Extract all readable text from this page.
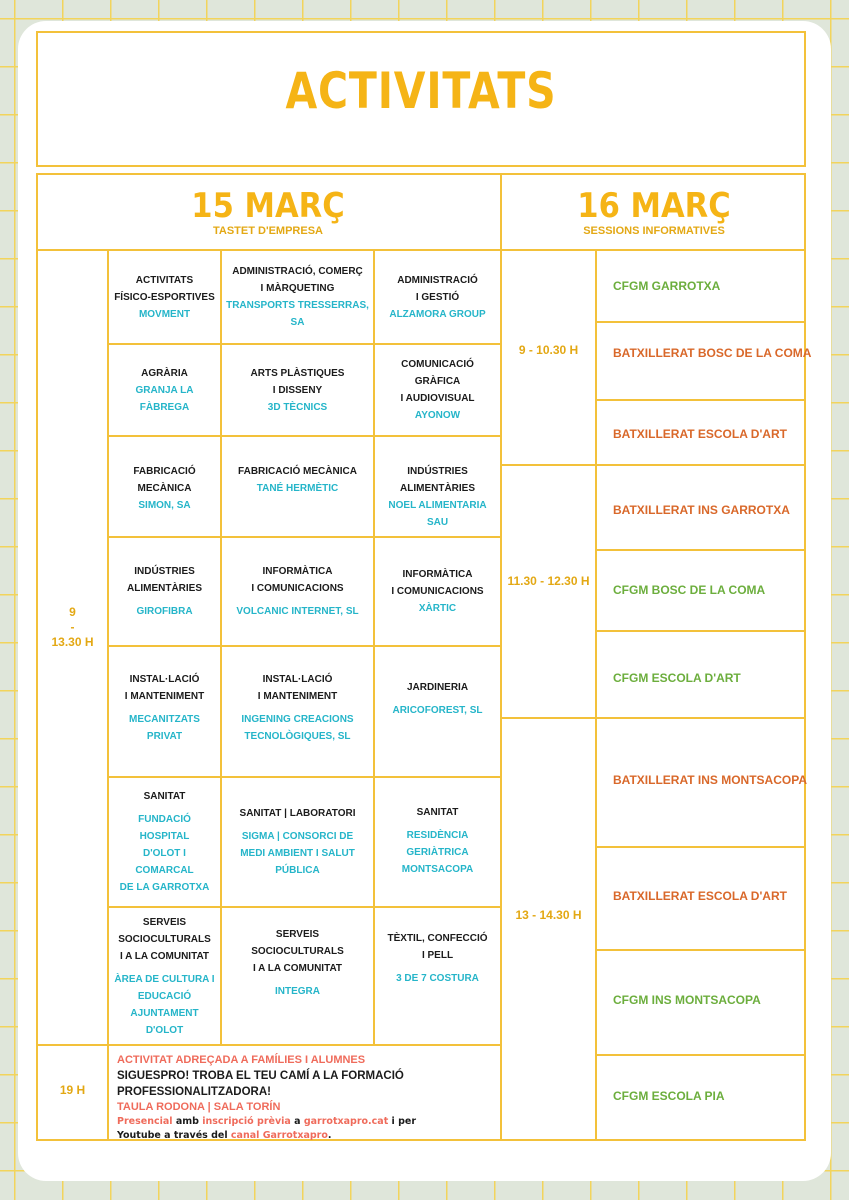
ACTIVITATS
15 MARÇ
TASTET D'EMPRESA
16 MARÇ
SESSIONS INFORMATIVES
9
-
13.30 H
ACTIVITATS
FÍSICO-ESPORTIVES
MOVMENT
ADMINISTRACIÓ, COMERÇ
I MÀRQUETING
TRANSPORTS TRESSERRAS, SA
ADMINISTRACIÓ
I GESTIÓ
ALZAMORA GROUP
AGRÀRIA
GRANJA LA FÀBREGA
ARTS PLÀSTIQUES
I DISSENY
3D TÈCNICS
COMUNICACIÓ GRÀFICA
I AUDIOVISUAL
AYONOW
FABRICACIÓ MECÀNICA
SIMON, SA
FABRICACIÓ MECÀNICA
TANÉ HERMÈTIC
INDÚSTRIES ALIMENTÀRIES
NOEL ALIMENTARIA
SAU
INDÚSTRIES
ALIMENTÀRIES
GIROFIBRA
INFORMÀTICA
I COMUNICACIONS
VOLCANIC INTERNET, SL
INFORMÀTICA
I COMUNICACIONS
XÀRTIC
INSTAL·LACIÓ
I MANTENIMENT
MECANITZATS PRIVAT
INSTAL·LACIÓ
I MANTENIMENT
INGENING CREACIONS
TECNOLÒGIQUES, SL
JARDINERIA
ARICOFOREST, SL
SANITAT
FUNDACIÓ HOSPITAL
D'OLOT I COMARCAL
DE LA GARROTXA
SANITAT | LABORATORI
SIGMA | CONSORCI DE
MEDI AMBIENT I SALUT
PÚBLICA
SANITAT
RESIDÈNCIA GERIÀTRICA
MONTSACOPA
SERVEIS
SOCIOCULTURALS
I A LA COMUNITAT
ÀREA DE CULTURA I
EDUCACIÓ AJUNTAMENT
D'OLOT
SERVEIS
SOCIOCULTURALS
I A LA COMUNITAT
INTEGRA
TÈXTIL, CONFECCIÓ
I PELL
3 DE 7 COSTURA
19 H
ACTIVITAT ADREÇADA A FAMÍLIES I ALUMNES
SIGUESPRO! TROBA EL TEU CAMÍ A LA FORMACIÓ PROFESSIONALITZADORA!
TAULA RODONA | SALA TORÍN
Presencial amb inscripció prèvia a garrotxapro.cat i per
Youtube a través del canal Garrotxapro.
9 - 10.30 H
11.30 - 12.30 H
13 - 14.30 H
CFGM GARROTXA
BATXILLERAT BOSC DE LA COMA
BATXILLERAT ESCOLA D'ART
BATXILLERAT INS GARROTXA
CFGM BOSC DE LA COMA
CFGM ESCOLA D'ART
BATXILLERAT INS MONTSACOPA
BATXILLERAT ESCOLA D'ART
CFGM INS MONTSACOPA
CFGM ESCOLA PIA
